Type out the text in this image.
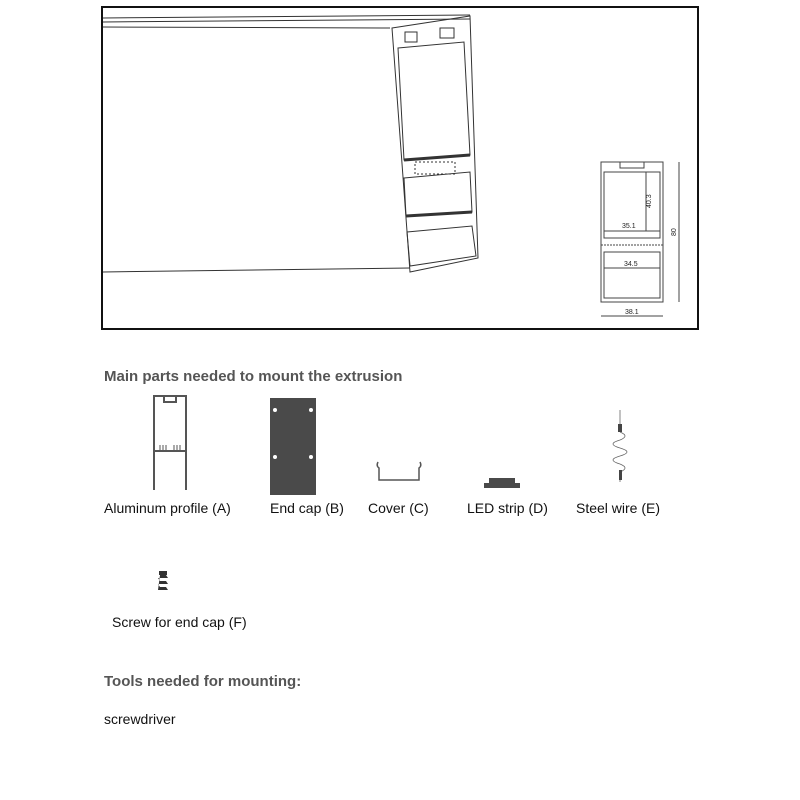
35.1
40.3
80
34.5
38.1
Main parts needed to mount the extrusion
Aluminum profile (A)	End cap (B) Cover (C)	LED strip (D) Steel wire (E)
Screw for end cap (F)
Tools needed for mounting:
screwdriver
